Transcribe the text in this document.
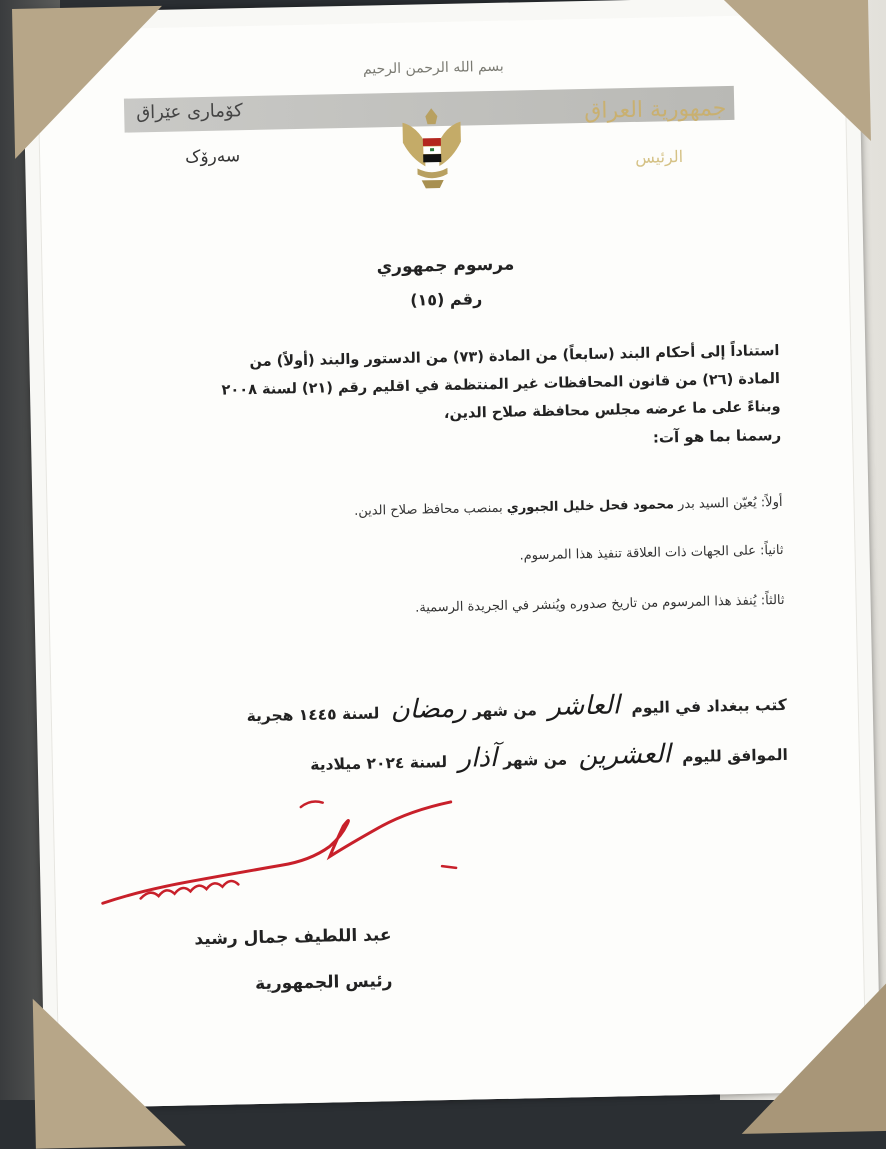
بسم الله الرحمن الرحيم
کۆماری عێراق
سەرۆک
جمهورية العراق
الرئيس
مرسوم جمهوري
رقم (١٥)
استناداً إلى أحكام البند (سابعاً) من المادة (٧٣) من الدستور والبند (أولاً) من
المادة (٢٦) من قانون المحافظات غير المنتظمة في اقليم رقم (٢١) لسنة ٢٠٠٨
وبناءً على ما عرضه مجلس محافظة صلاح الدين،
رسمنا بما هو آت:
أولاً: يُعيّن السيد بدر محمود فحل خليل الجبوري بمنصب محافظ صلاح الدين.
ثانياً: على الجهات ذات العلاقة تنفيذ هذا المرسوم.
ثالثاً: يُنفذ هذا المرسوم من تاريخ صدوره ويُنشر في الجريدة الرسمية.
كتب ببغداد في اليوم العاشر من شهررمضان لسنة ١٤٤٥ هجرية
الموافق لليوم العشرين من شهرآذار لسنة ٢٠٢٤ ميلادية
عبد اللطيف جمال رشيد
رئيس الجمهورية
